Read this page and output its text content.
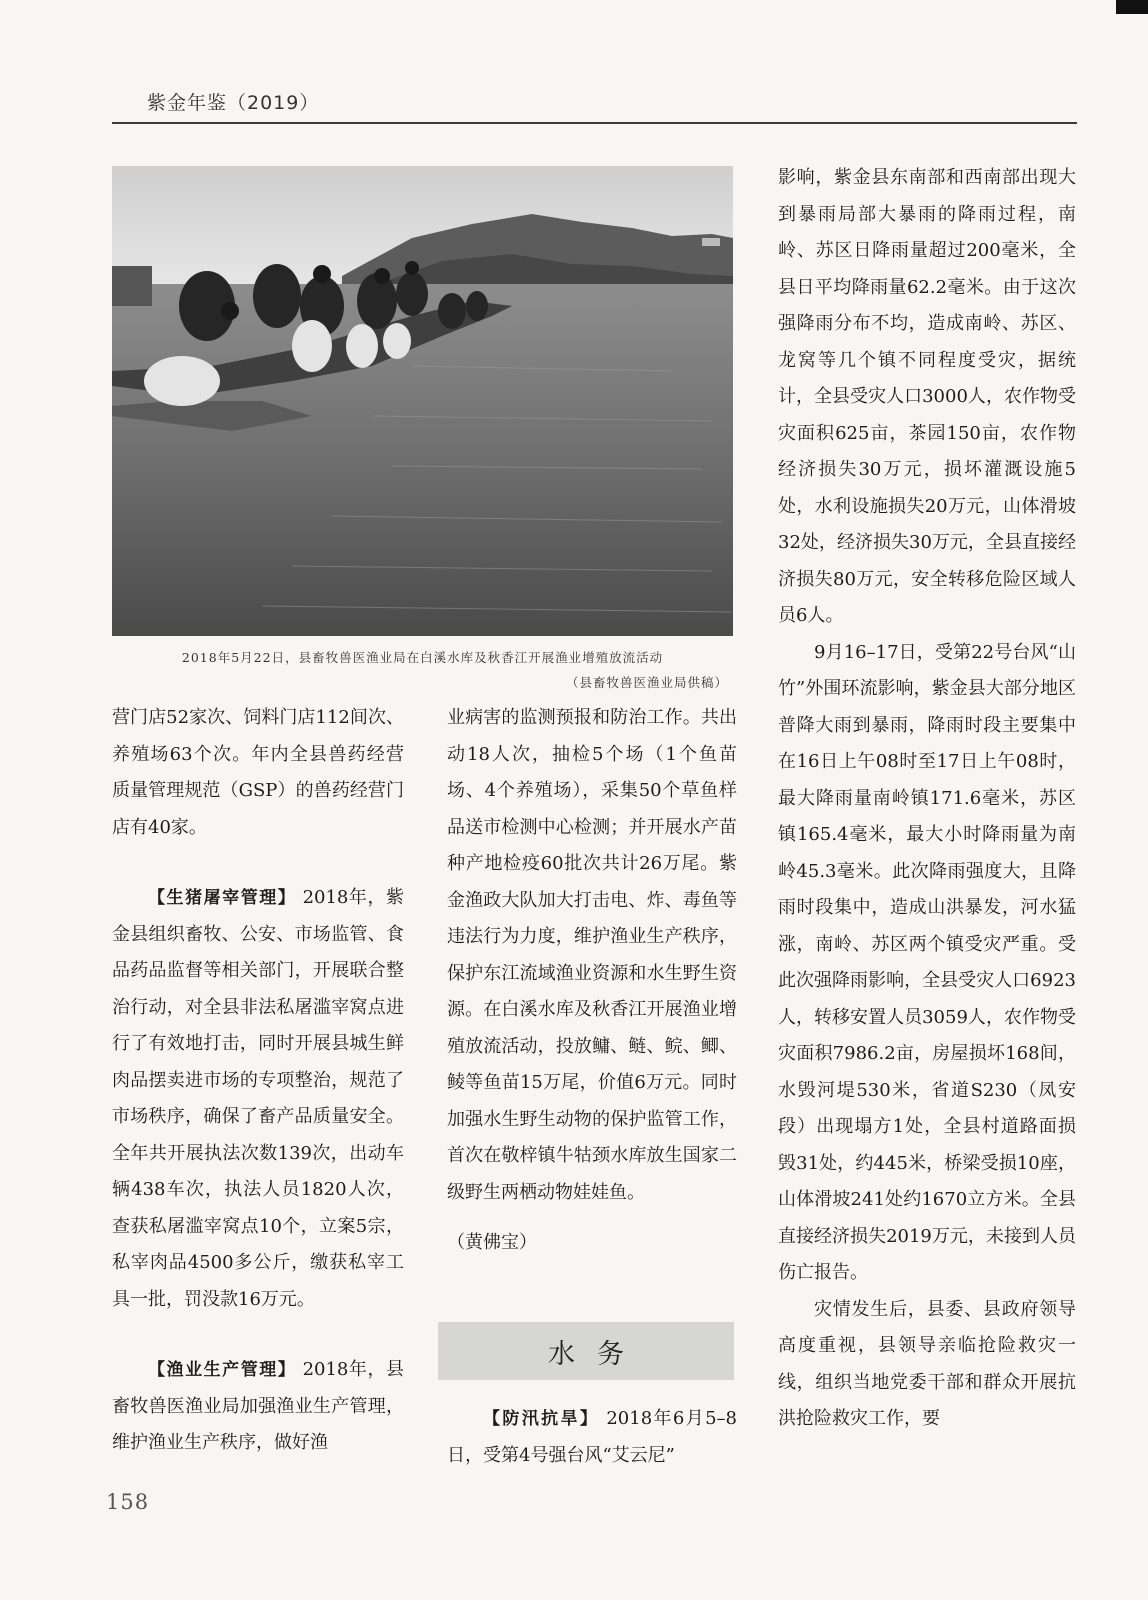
紫金年鉴（2019）
2018年5月22日，县畜牧兽医渔业局在白溪水库及秋香江开展渔业增殖放流活动
（县畜牧兽医渔业局供稿）

营门店52家次、饲料门店112间次、养殖场63个次。年内全县兽药经营质量管理规范（GSP）的兽药经营门店有40家。

【生猪屠宰管理】 2018年，紫金县组织畜牧、公安、市场监管、食品药品监督等相关部门，开展联合整治行动，对全县非法私屠滥宰窝点进行了有效地打击，同时开展县城生鲜肉品摆卖进市场的专项整治，规范了市场秩序，确保了畜产品质量安全。全年共开展执法次数139次，出动车辆438车次，执法人员1820人次，查获私屠滥宰窝点10个，立案5宗，私宰肉品4500多公斤，缴获私宰工具一批，罚没款16万元。

【渔业生产管理】 2018年，县畜牧兽医渔业局加强渔业生产管理，维护渔业生产秩序，做好渔

业病害的监测预报和防治工作。共出动18人次，抽检5个场（1个鱼苗场、4个养殖场），采集50个草鱼样品送市检测中心检测；并开展水产苗种产地检疫60批次共计26万尾。紫金渔政大队加大打击电、炸、毒鱼等违法行为力度，维护渔业生产秩序，保护东江流域渔业资源和水生野生资源。在白溪水库及秋香江开展渔业增殖放流活动，投放鳙、鲢、鲩、鲫、鲮等鱼苗15万尾，价值6万元。同时加强水生野生动物的保护监管工作，首次在敬梓镇牛牯颈水库放生国家二级野生两栖动物娃娃鱼。

（黄佛宝）

水务

【防汛抗旱】 2018年6月5–8日，受第4号强台风“艾云尼”

影响，紫金县东南部和西南部出现大到暴雨局部大暴雨的降雨过程，南岭、苏区日降雨量超过200毫米，全县日平均降雨量62.2毫米。由于这次强降雨分布不均，造成南岭、苏区、龙窝等几个镇不同程度受灾，据统计，全县受灾人口3000人，农作物受灾面积625亩，茶园150亩，农作物经济损失30万元，损坏灌溉设施5处，水利设施损失20万元，山体滑坡32处，经济损失30万元，全县直接经济损失80万元，安全转移危险区域人员6人。

9月16–17日，受第22号台风“山竹”外围环流影响，紫金县大部分地区普降大雨到暴雨，降雨时段主要集中在16日上午08时至17日上午08时，最大降雨量南岭镇171.6毫米，苏区镇165.4毫米，最大小时降雨量为南岭45.3毫米。此次降雨强度大，且降雨时段集中，造成山洪暴发，河水猛涨，南岭、苏区两个镇受灾严重。受此次强降雨影响，全县受灾人口6923人，转移安置人员3059人，农作物受灾面积7986.2亩，房屋损坏168间，水毁河堤530米，省道S230（凤安段）出现塌方1处，全县村道路面损毁31处，约445米，桥梁受损10座，山体滑坡241处约1670立方米。全县直接经济损失2019万元，未接到人员伤亡报告。

灾情发生后，县委、县政府领导高度重视，县领导亲临抢险救灾一线，组织当地党委干部和群众开展抗洪抢险救灾工作，要

158
